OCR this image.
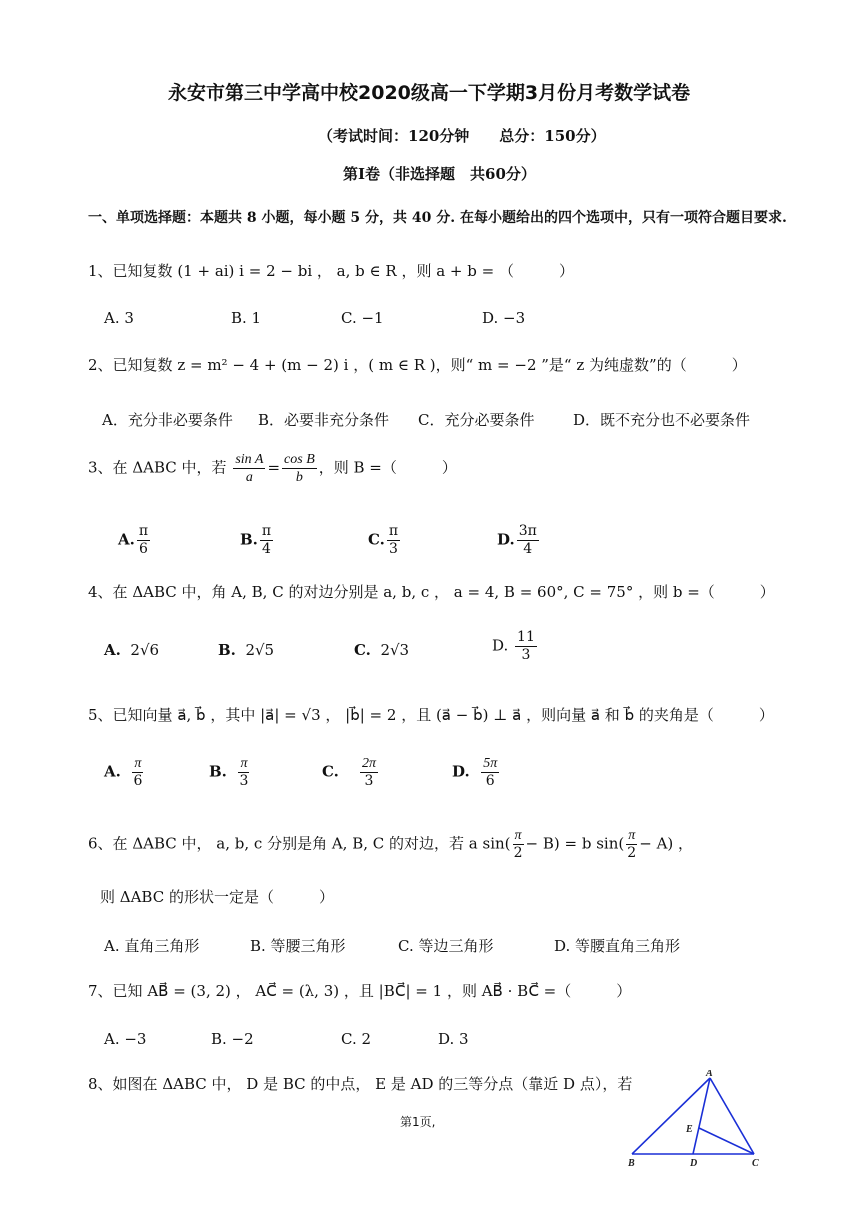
永安市第三中学高中校2020级高一下学期3月份月考数学试卷
（考试时间：120分钟　　总分：150分）
第Ⅰ卷（非选择题　共60分）
一、单项选择题：本题共 8 小题，每小题 5 分，共 40 分. 在每小题给出的四个选项中，只有一项符合题目要求.
1、已知复数 (1 + ai) i = 2 − bi ， a, b ∈ R ，则 a + b = （　　　）
A. 3	B. 1	C. −1	D. −3
2、已知复数 z = m² − 4 + (m − 2) i ，( m ∈ R )，则“ m = −2 ”是“ z 为纯虚数”的（　　　）
A．充分非必要条件 B．必要非充分条件 C．充分必要条件	D．既不充分也不必要条件
3、在 ΔABC 中，若 $\frac{\text{sin A}}{a} = \frac{\text{cos B}}{b}$ ，则 B =（　　　）
A. $\frac{\pi}{6}$	B. $\frac{\pi}{4}$	C. $\frac{\pi}{3}$	D. $\frac{3\pi}{4}$
4、在 ΔABC 中，角 A, B, C 的对边分别是 a, b, c ， a = 4, B = 60°, C = 75° ，则 b =（　　　）
A. 2√6	B. 2√5	C. 2√3	D. $\frac{11}{3}$
5、已知向量 a⃗, b⃗ ，其中 |a⃗| = √3 ， |b⃗| = 2 ，且 (a⃗ − b⃗) ⊥ a⃗ ，则向量 a⃗ 和 b⃗ 的夹角是（　　　）
A. $\frac{\pi}{6}$	B. $\frac{\pi}{3}$	C. $\frac{2\pi}{3}$	D. $\frac{5\pi}{6}$
6、在 ΔABC 中， a, b, c 分别是角 A, B, C 的对边，若 a $\sin( \frac{\pi}{2} - B) = b$ $\sin( \frac{\pi}{2} - A)$ ，
则 ΔABC 的形状一定是（　　　）
A. 直角三角形	B. 等腰三角形	C. 等边三角形	D. 等腰直角三角形
7、已知 AB⃗ = (3, 2) ， AC⃗ = (λ, 3) ，且 |BC⃗| = 1 ，则 AB⃗ · BC⃗ =（　　　）
A. −3	B. −2	C. 2	D. 3
8、如图在 ΔABC 中， D 是 BC 的中点， E 是 AD 的三等分点（靠近 D 点），若
第1页,
A
B	C
D
E
